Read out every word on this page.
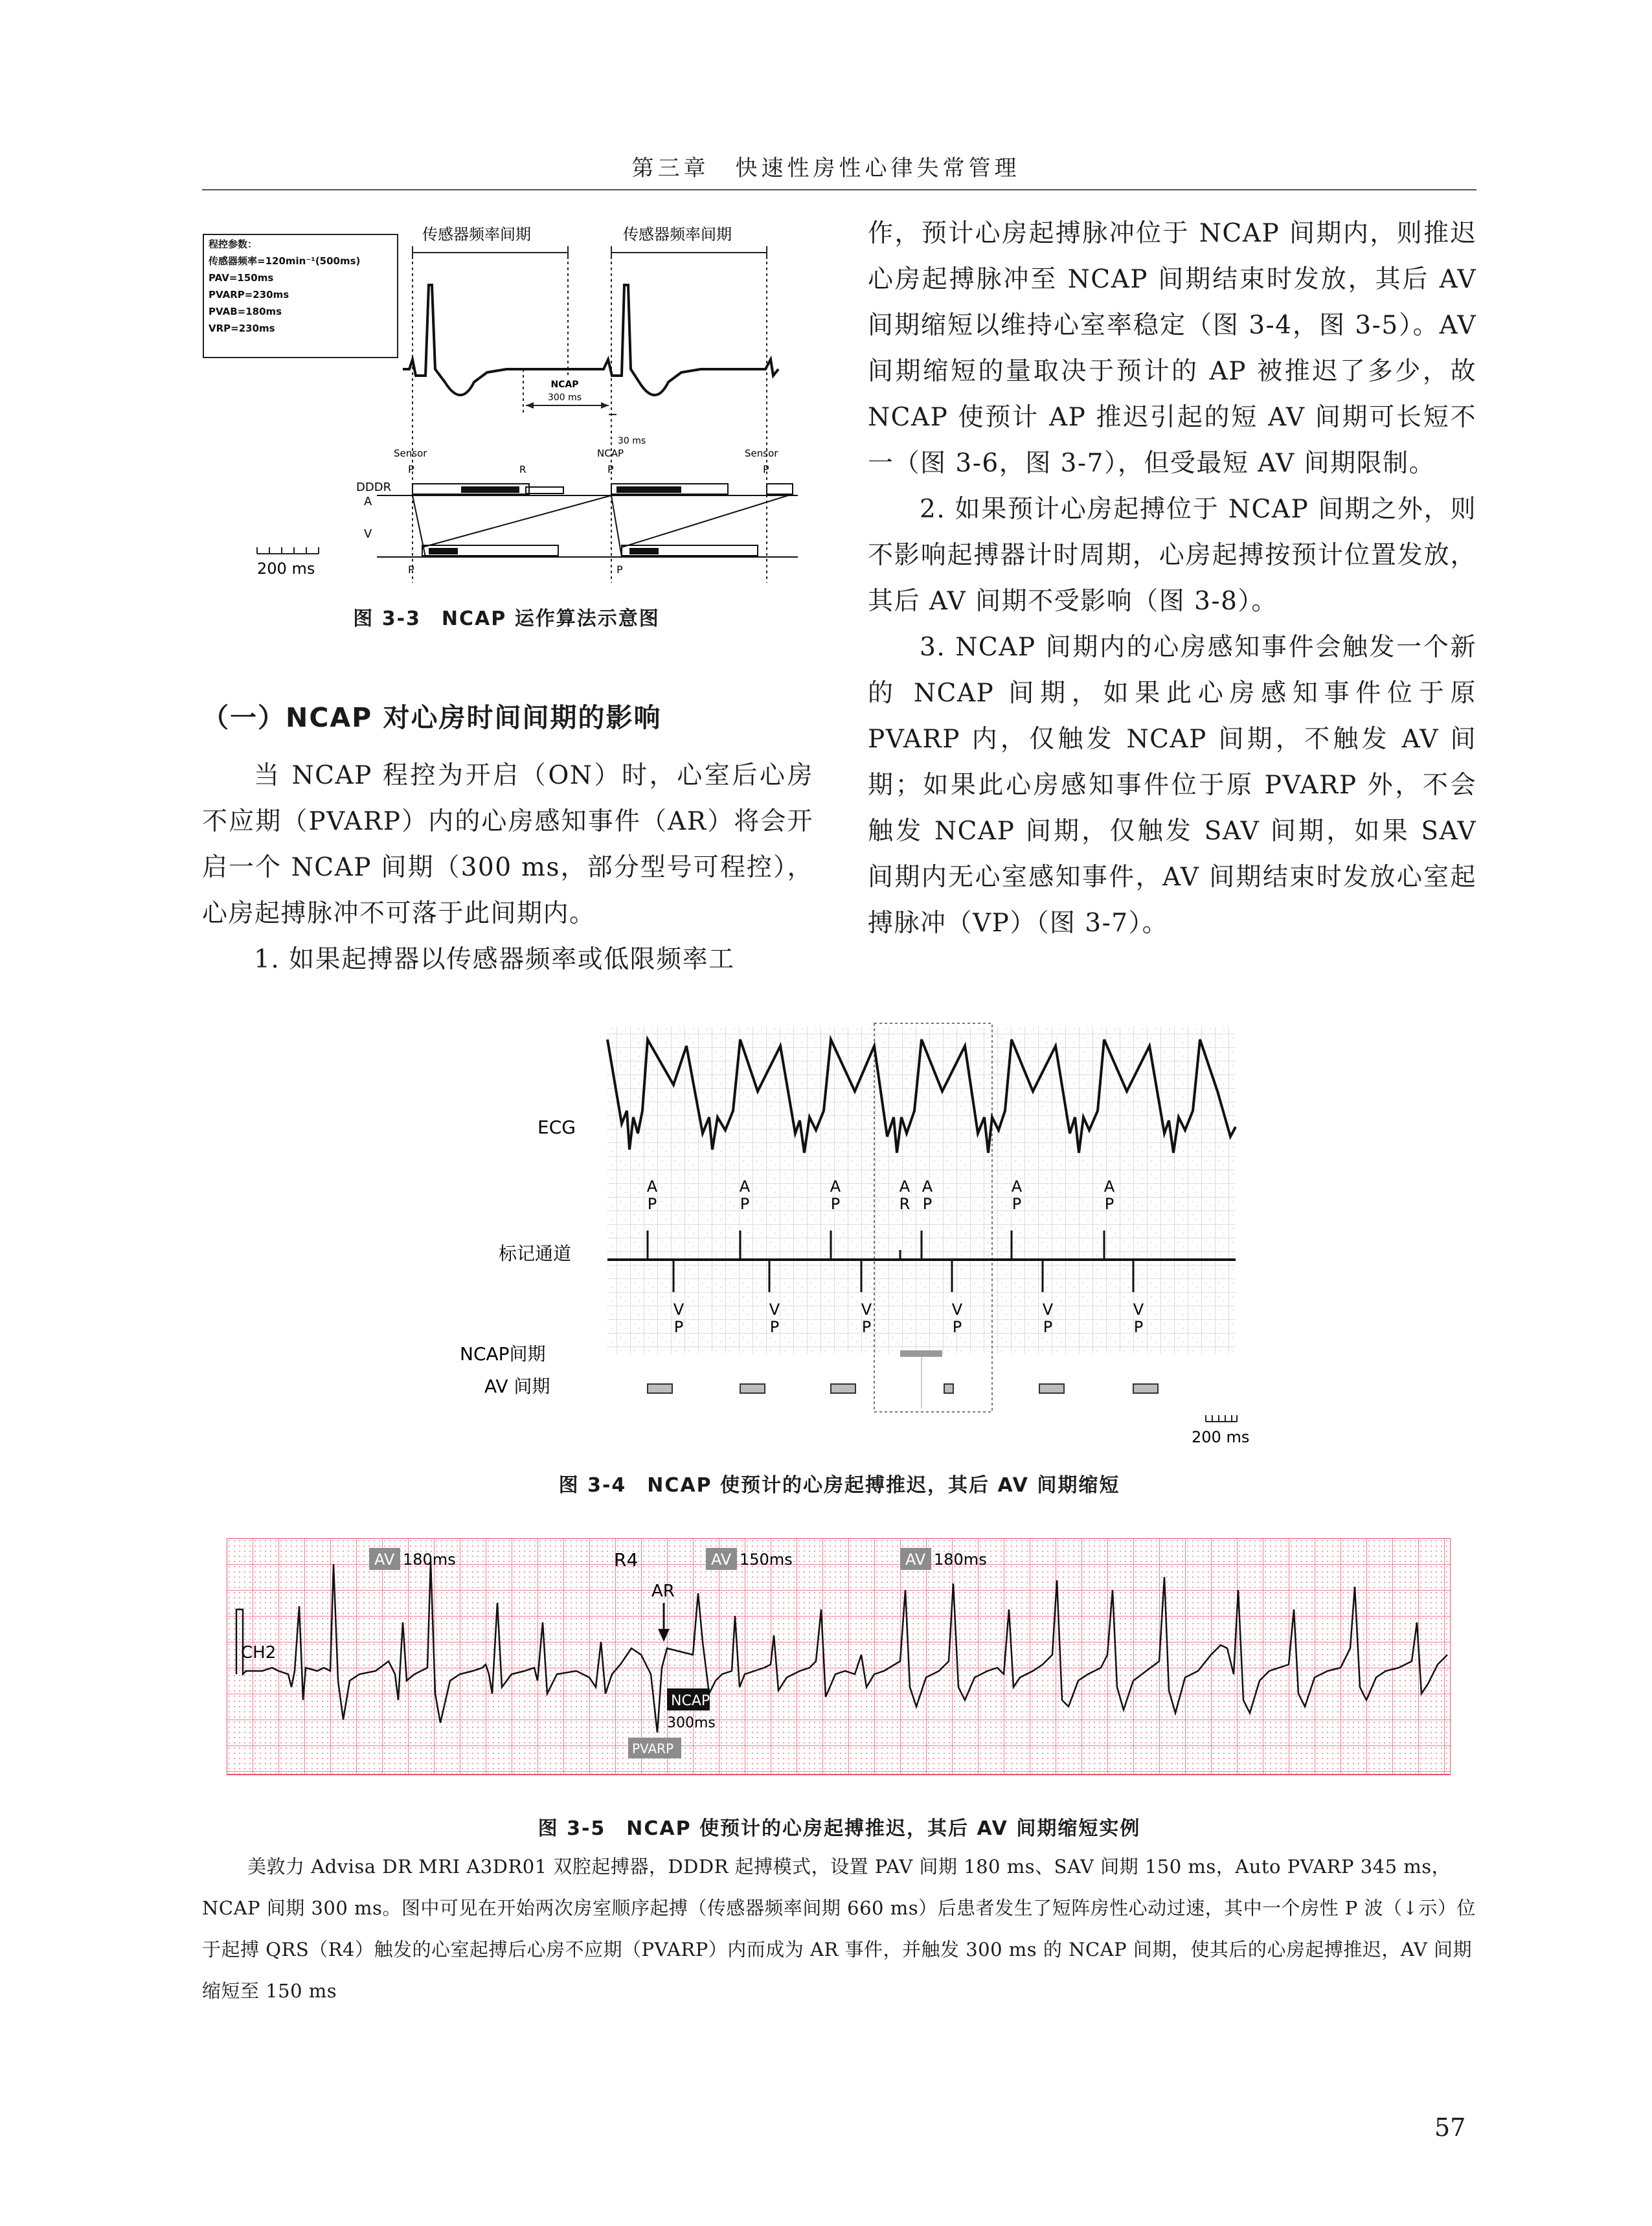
第三章　快速性房性心律失常管理
程控参数：
传感器频率=120min⁻¹(500ms)
PAV=150ms
PVARP=230ms
PVAB=180ms
VRP=230ms
传感器频率间期	传感器频率间期
NCAP
300 ms
30 ms
Sensor
R
NCAP	Sensor
P	P	P
DDDR
A
V
P	P
200 ms
图 3-3　NCAP 运作算法示意图
（一）NCAP 对心房时间间期的影响

当 NCAP 程控为开启（ON）时，心室后心房不应期（PVARP）内的心房感知事件（AR）将会开启一个 NCAP 间期（300 ms，部分型号可程控），心房起搏脉冲不可落于此间期内。

1. 如果起搏器以传感器频率或低限频率工

作，预计心房起搏脉冲位于 NCAP 间期内，则推迟心房起搏脉冲至 NCAP 间期结束时发放，其后 AV 间期缩短以维持心室率稳定（图 3-4，图 3-5）。AV 间期缩短的量取决于预计的 AP 被推迟了多少，故 NCAP 使预计 AP 推迟引起的短 AV 间期可长短不一（图 3-6，图 3-7），但受最短 AV 间期限制。

2. 如果预计心房起搏位于 NCAP 间期之外，则不影响起搏器计时周期，心房起搏按预计位置发放，其后 AV 间期不受影响（图 3-8）。

3. NCAP 间期内的心房感知事件会触发一个新的 NCAP 间期，如果此心房感知事件位于原 PVARP 内，仅触发 NCAP 间期，不触发 AV 间期；如果此心房感知事件位于原 PVARP 外，不会触发 NCAP 间期，仅触发 SAV 间期，如果 SAV 间期内无心室感知事件，AV 间期结束时发放心室起搏脉冲（VP）（图 3-7）。

ECG
标记通道
NCAP间期
AV 间期
A
P
A
P
A
P
A
R
A
P
A
P
A
P
V
P
V
P
V
P
V
P
V
P
V
P
200 ms
图 3-4　NCAP 使预计的心房起搏推迟，其后 AV 间期缩短
AV 180ms	R4	AV 150ms	AV 180ms
AR
CH2
NCAP
300ms
PVARP
图 3-5　NCAP 使预计的心房起搏推迟，其后 AV 间期缩短实例
美敦力 Advisa DR MRI A3DR01 双腔起搏器，DDDR 起搏模式，设置 PAV 间期 180 ms、SAV 间期 150 ms，Auto PVARP 345 ms，NCAP 间期 300 ms。图中可见在开始两次房室顺序起搏（传感器频率间期 660 ms）后患者发生了短阵房性心动过速，其中一个房性 P 波（↓示）位于起搏 QRS（R4）触发的心室起搏后心房不应期（PVARP）内而成为 AR 事件，并触发 300 ms 的 NCAP 间期，使其后的心房起搏推迟，AV 间期缩短至 150 ms
57
